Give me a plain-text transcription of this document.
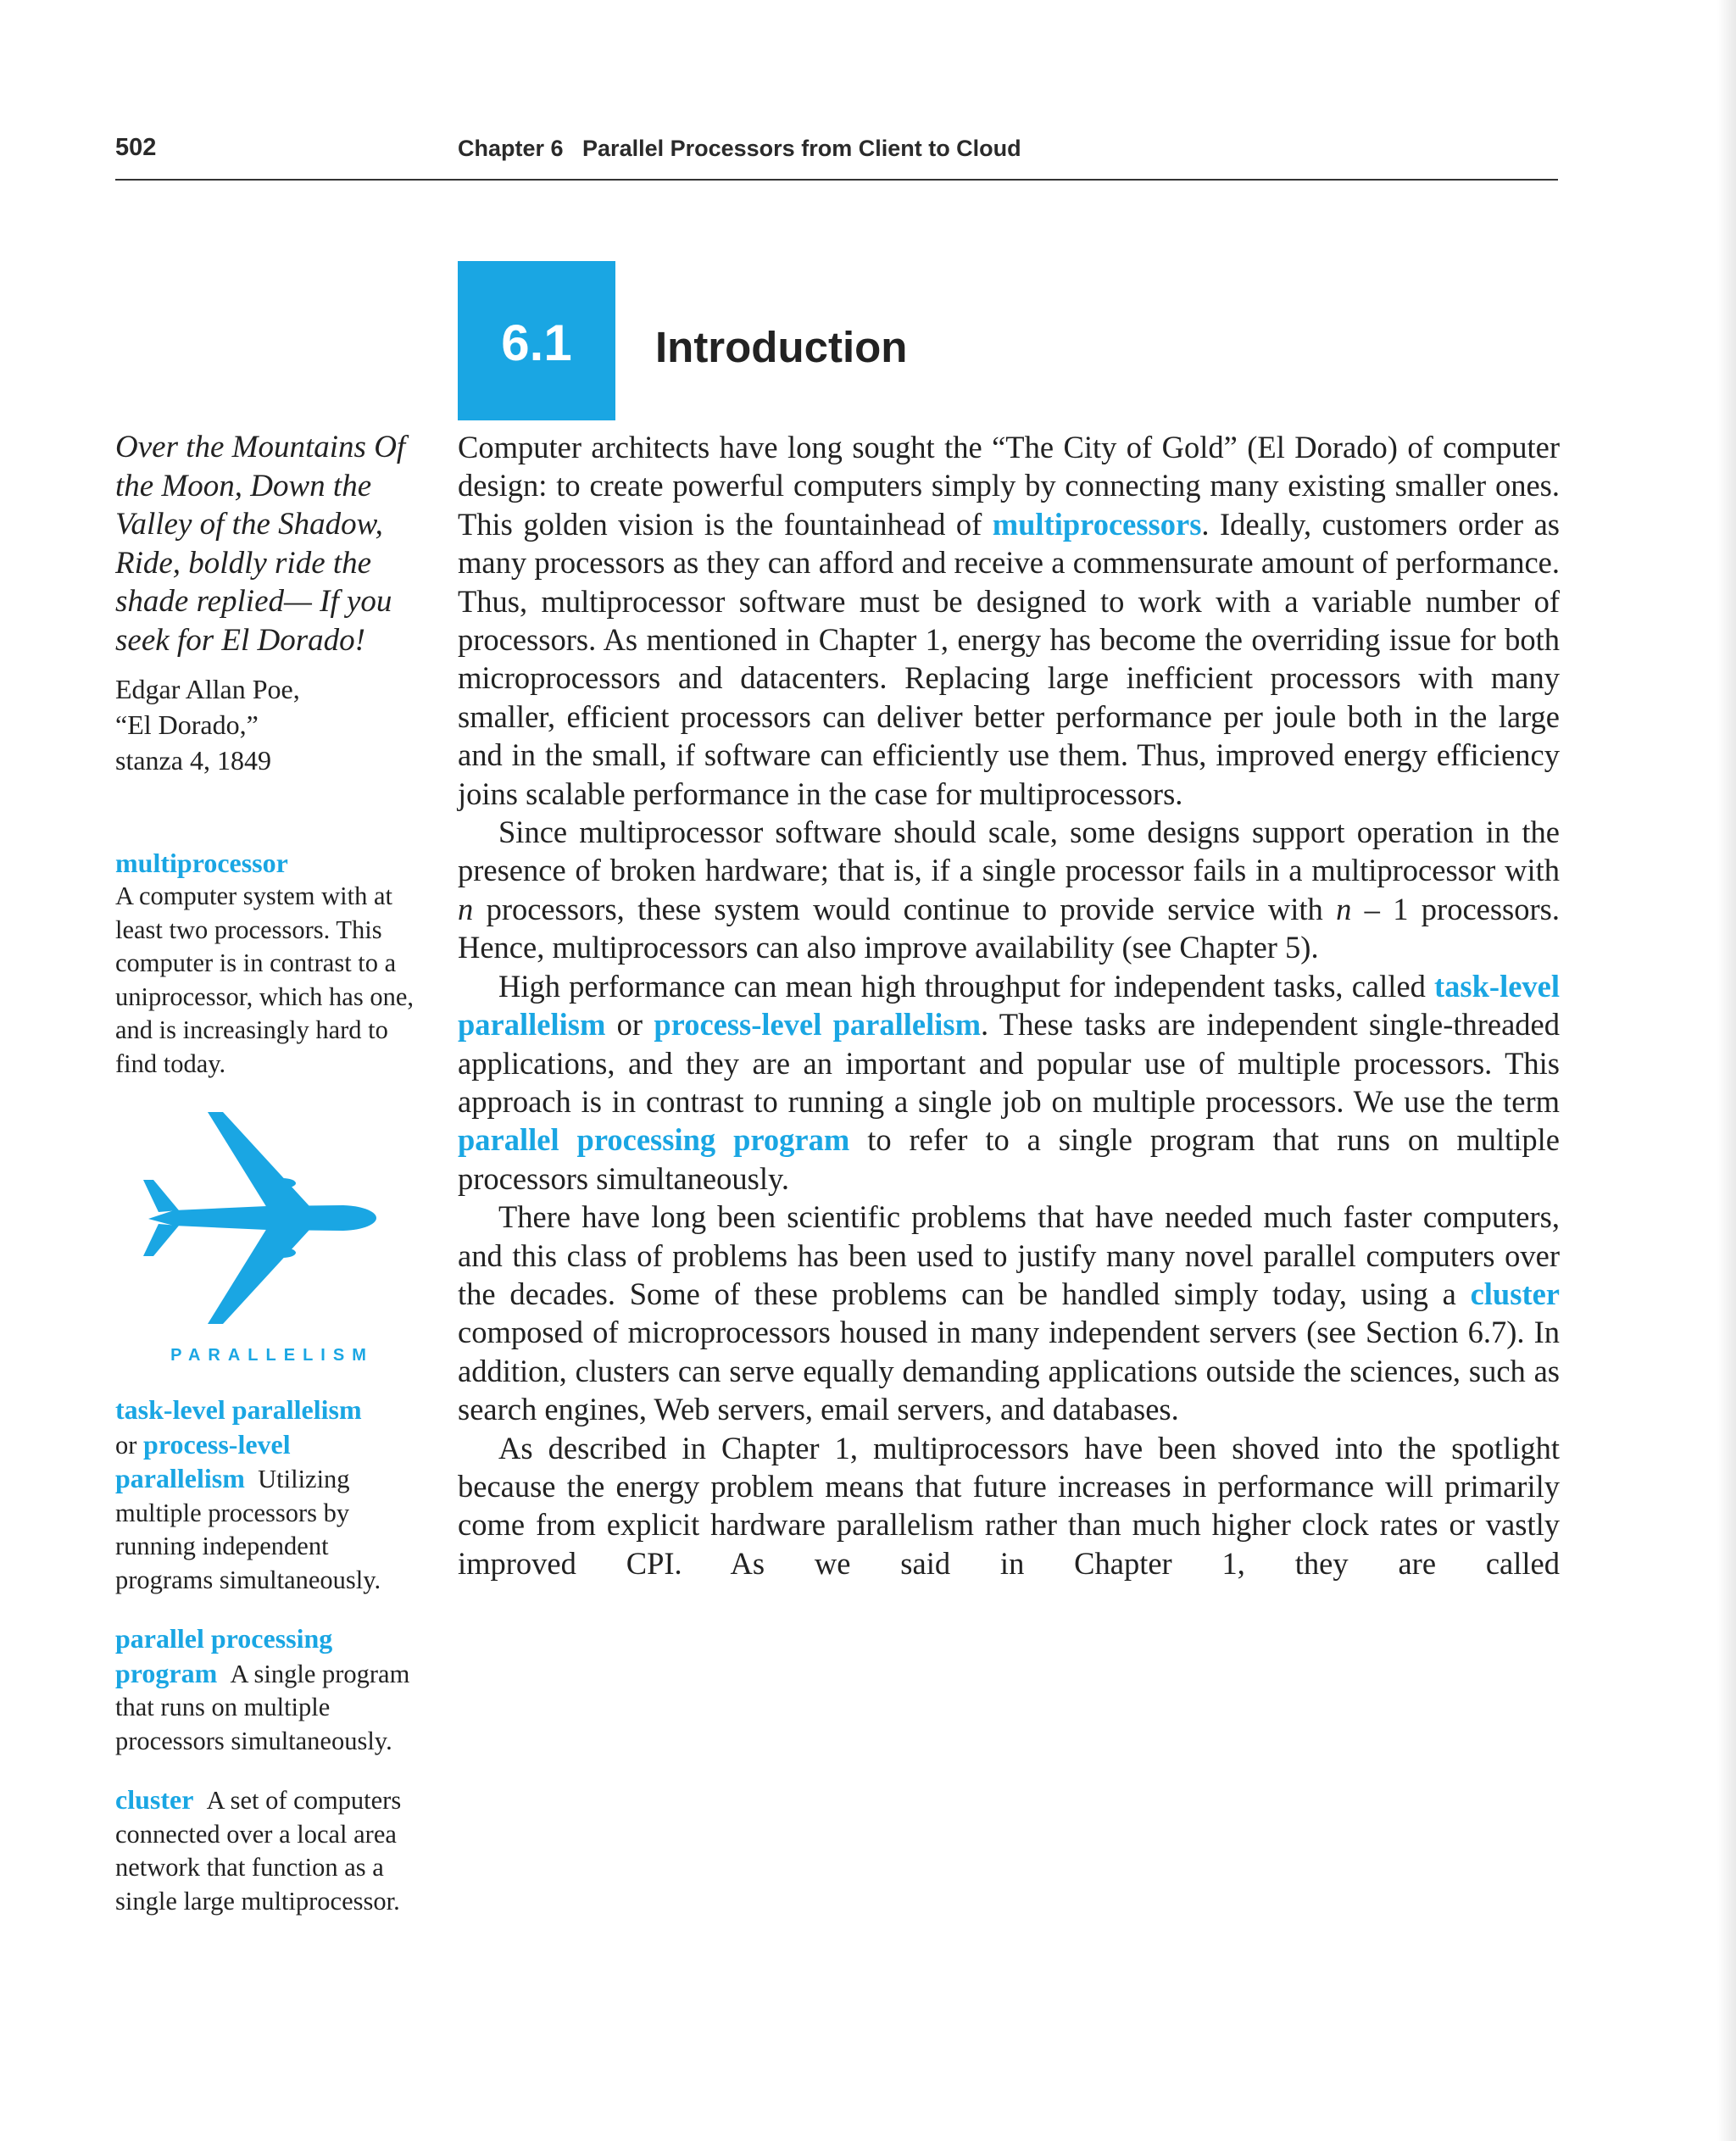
502	Chapter 6   Parallel Processors from Client to Cloud
6.1	Introduction

Computer architects have long sought the “The City of Gold” (El Dorado) of computer design: to create powerful computers simply by connecting many existing smaller ones. This golden vision is the fountainhead of multiprocessors. Ideally, customers order as many processors as they can afford and receive a commensurate amount of performance. Thus, multiprocessor software must be designed to work with a variable number of processors. As mentioned in Chapter 1, energy has become the overriding issue for both microprocessors and datacenters. Replacing large inefficient processors with many smaller, efficient processors can deliver better performance per joule both in the large and in the small, if software can efficiently use them. Thus, improved energy efficiency joins scalable performance in the case for multiprocessors.

Since multiprocessor software should scale, some designs support operation in the presence of broken hardware; that is, if a single processor fails in a multiprocessor with n processors, these system would continue to provide service with n – 1 processors. Hence, multiprocessors can also improve availability (see Chapter 5).

High performance can mean high throughput for independent tasks, called task-level parallelism or process-level parallelism. These tasks are independent single-threaded applications, and they are an important and popular use of multiple processors. This approach is in contrast to running a single job on multiple processors. We use the term parallel processing program to refer to a single program that runs on multiple processors simultaneously.

There have long been scientific problems that have needed much faster computers, and this class of problems has been used to justify many novel parallel computers over the decades. Some of these problems can be handled simply today, using a cluster composed of microprocessors housed in many independent servers (see Section 6.7). In addition, clusters can serve equally demanding applications outside the sciences, such as search engines, Web servers, email servers, and databases.

As described in Chapter 1, multiprocessors have been shoved into the spotlight because the energy problem means that future increases in performance will primarily come from explicit hardware parallelism rather than much higher clock rates or vastly improved CPI. As we said in Chapter 1, they are called

Over the Mountains Of the Moon, Down the Valley of the Shadow, Ride, boldly ride the shade replied— If you seek for El Dorado!

Edgar Allan Poe,
“El Dorado,”
stanza 4, 1849
multiprocessor

A computer system with at least two processors. This computer is in contrast to a uniprocessor, which has one, and is increasingly hard to find today.

PARALLELISM

task-level parallelism
or process-level parallelism Utilizing multiple processors by running independent programs simultaneously.

parallel processing program A single program that runs on multiple processors simultaneously.

cluster A set of computers connected over a local area network that function as a single large multiprocessor.
